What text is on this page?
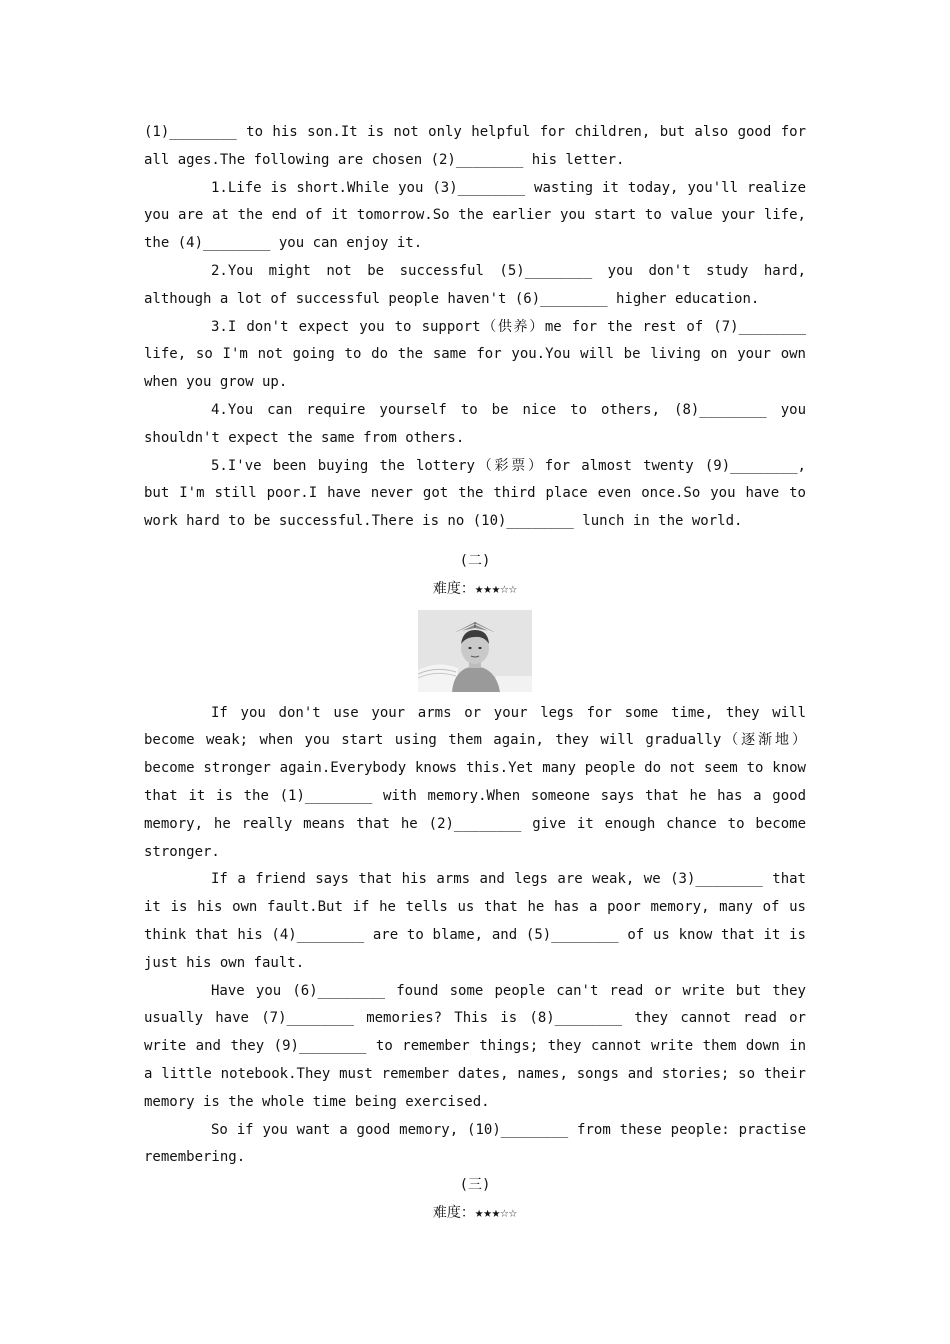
(1)________ to his son.It is not only helpful for children, but also good for all ages.The following are chosen (2)________ his letter.

1.Life is short.While you (3)________ wasting it today, you'll realize you are at the end of it tomorrow.So the earlier you start to value your life, the (4)________ you can enjoy it.

2.You might not be successful (5)________ you don't study hard, although a lot of successful people haven't (6)________ higher education.

3.I don't expect you to support（供养）me for the rest of (7)________ life, so I'm not going to do the same for you.You will be living on your own when you grow up.

4.You can require yourself to be nice to others, (8)________ you shouldn't expect the same from others.

5.I've been buying the lottery（彩票）for almost twenty (9)________, but I'm still poor.I have never got the third place even once.So you have to work hard to be successful.There is no (10)________ lunch in the world.

(二)
难度：★★★☆☆

If you don't use your arms or your legs for some time, they will become weak; when you start using them again, they will gradually（逐渐地）become stronger again.Everybody knows this.Yet many people do not seem to know that it is the (1)________ with memory.When someone says that he has a good memory, he really means that he (2)________ give it enough chance to become stronger.

If a friend says that his arms and legs are weak, we (3)________ that it is his own fault.But if he tells us that he has a poor memory, many of us think that his (4)________ are to blame, and (5)________ of us know that it is just his own fault.

Have you (6)________ found some people can't read or write but they usually have (7)________ memories? This is (8)________ they cannot read or write and they (9)________ to remember things; they cannot write them down in a little notebook.They must remember dates, names, songs and stories; so their memory is the whole time being exercised.

So if you want a good memory, (10)________ from these people: practise remembering.

(三)
难度：★★★☆☆
